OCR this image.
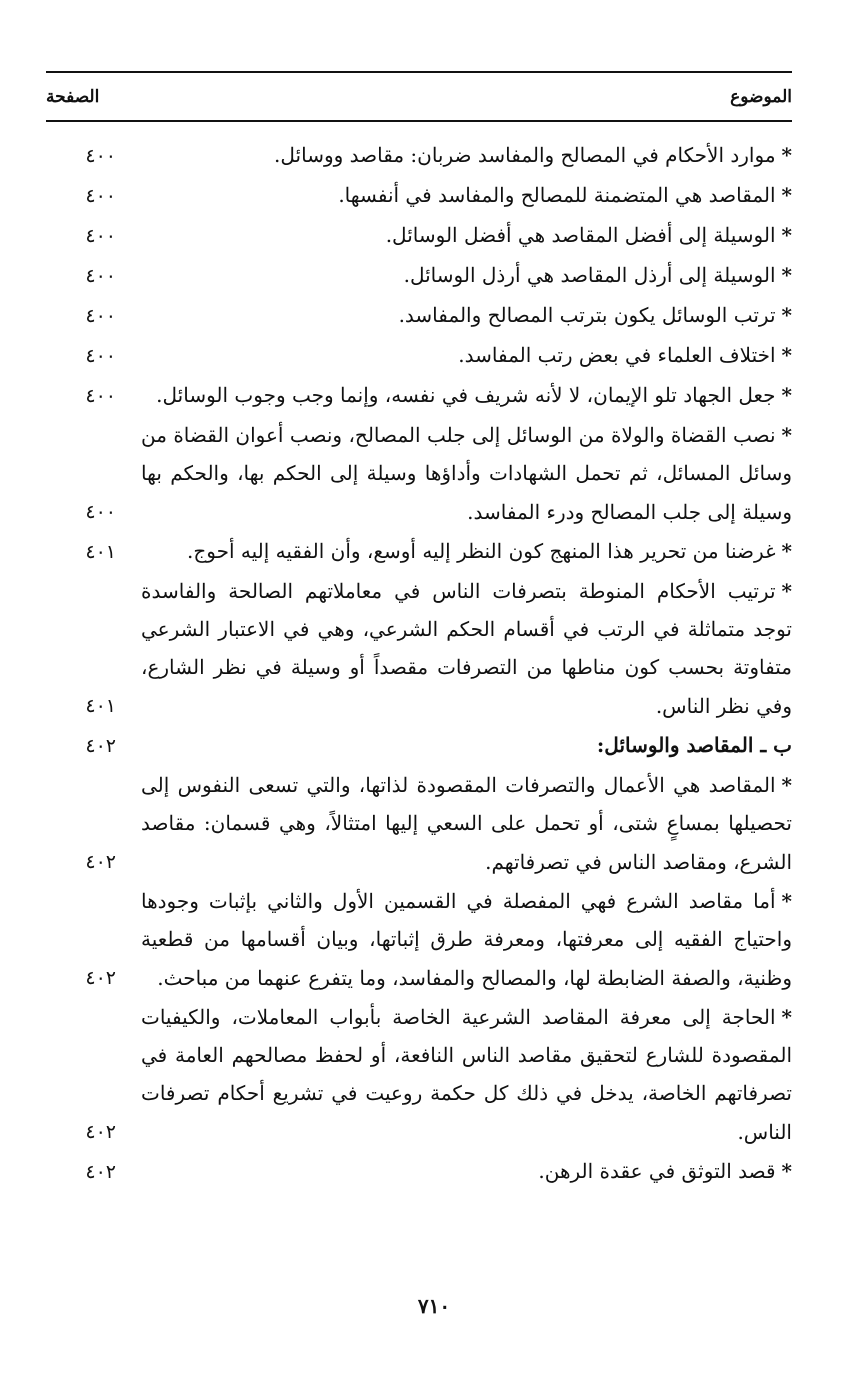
الموضوع
الصفحة

*موارد الأحكام في المصالح والمفاسد ضربان: مقاصد ووسائل.

٤٠٠

*المقاصد هي المتضمنة للمصالح والمفاسد في أنفسها.

٤٠٠

*الوسيلة إلى أفضل المقاصد هي أفضل الوسائل.

٤٠٠

*الوسيلة إلى أرذل المقاصد هي أرذل الوسائل.

٤٠٠

*ترتب الوسائل يكون بترتب المصالح والمفاسد.

٤٠٠

*اختلاف العلماء في بعض رتب المفاسد.

٤٠٠

*جعل الجهاد تلو الإيمان، لا لأنه شريف في نفسه، وإنما وجب وجوب الوسائل.

٤٠٠

*نصب القضاة والولاة من الوسائل إلى جلب المصالح، ونصب أعوان القضاة من وسائل المسائل، ثم تحمل الشهادات وأداؤها وسيلة إلى الحكم بها، والحكم بها وسيلة إلى جلب المصالح ودرء المفاسد.

٤٠٠

*غرضنا من تحرير هذا المنهج كون النظر إليه أوسع، وأن الفقيه إليه أحوج.

٤٠١

*ترتيب الأحكام المنوطة بتصرفات الناس في معاملاتهم الصالحة والفاسدة توجد متماثلة في الرتب في أقسام الحكم الشرعي، وهي في الاعتبار الشرعي متفاوتة بحسب كون مناطها من التصرفات مقصداً أو وسيلة في نظر الشارع، وفي نظر الناس.

٤٠١

ب ـ المقاصد والوسائل:

٤٠٢

*المقاصد هي الأعمال والتصرفات المقصودة لذاتها، والتي تسعى النفوس إلى تحصيلها بمساعٍ شتى، أو تحمل على السعي إليها امتثالاً، وهي قسمان: مقاصد الشرع، ومقاصد الناس في تصرفاتهم.

٤٠٢

*أما مقاصد الشرع فهي المفصلة في القسمين الأول والثاني بإثبات وجودها واحتياج الفقيه إلى معرفتها، ومعرفة طرق إثباتها، وبيان أقسامها من قطعية وظنية، والصفة الضابطة لها، والمصالح والمفاسد، وما يتفرع عنهما من مباحث.

٤٠٢

*الحاجة إلى معرفة المقاصد الشرعية الخاصة بأبواب المعاملات، والكيفيات المقصودة للشارع لتحقيق مقاصد الناس النافعة، أو لحفظ مصالحهم العامة في تصرفاتهم الخاصة، يدخل في ذلك كل حكمة روعيت في تشريع أحكام تصرفات الناس.

٤٠٢

*قصد التوثق في عقدة الرهن.

٤٠٢
٧١٠
